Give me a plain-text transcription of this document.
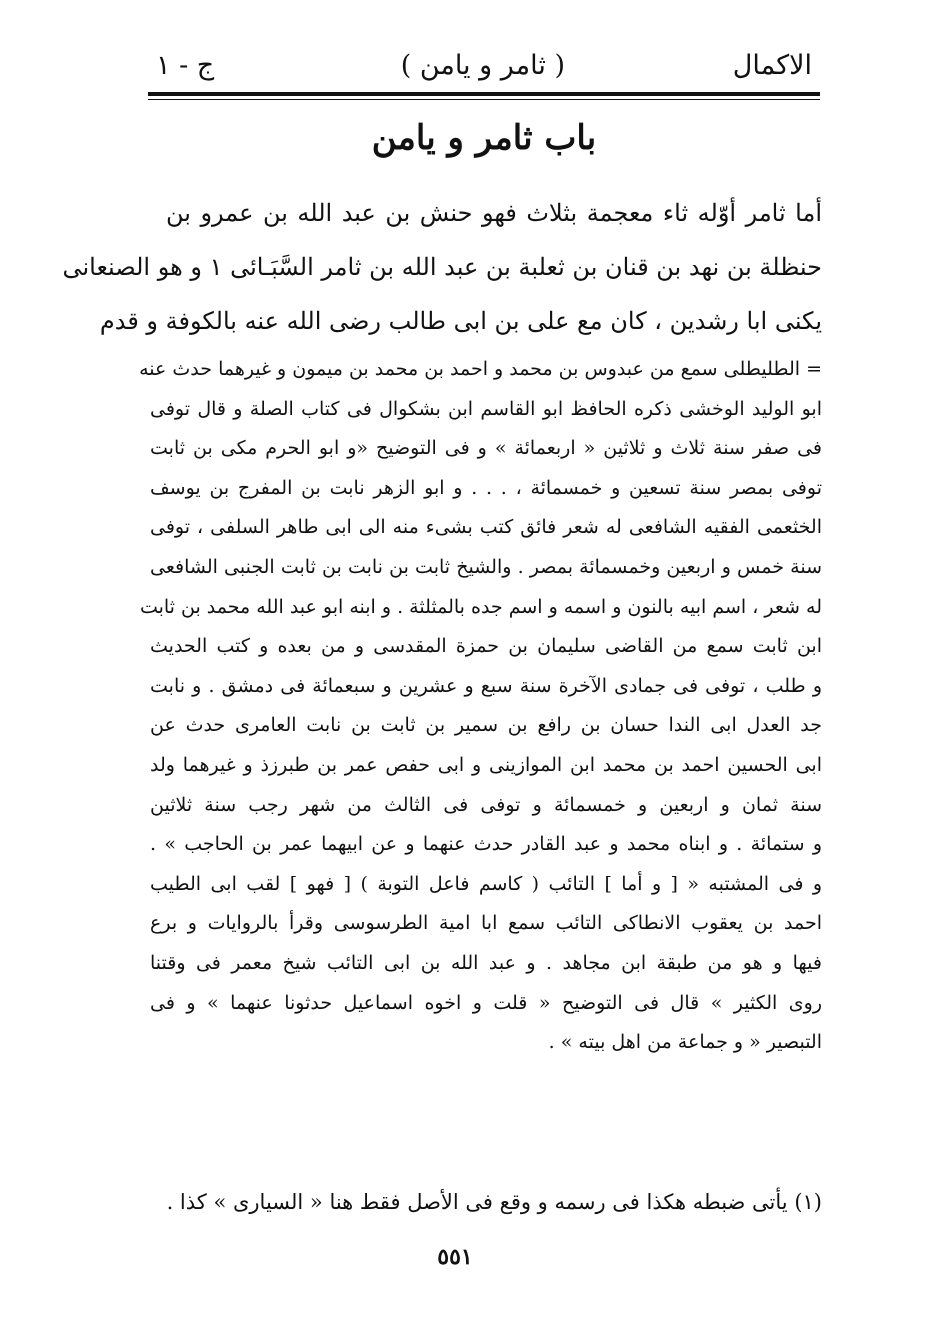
الاكمال
( ثامر و يامن )
ج - ١
باب ثامر و يامن
أما ثامر أوّله ثاء معجمة بثلاث فهو حنش بن عبد الله بن عمرو بن
حنظلة بن نهد بن قنان بن ثعلبة بن عبد الله بن ثامر السَّبَـائى ١ و هو الصنعانى
يكنى ابا رشدين ، كان مع على بن ابى طالب رضى الله عنه بالكوفة و قدم
= الطليطلى سمع من عبدوس بن محمد و احمد بن محمد بن ميمون و غيرهما حدث عنه
ابو الوليد الوخشى ذكره الحافظ ابو القاسم ابن بشكوال فى كتاب الصلة و قال توفى
فى صفر سنة ثلاث و ثلاثين « اربعمائة » و فى التوضيح «و ابو الحرم مكى بن ثابت
توفى بمصر سنة تسعين و خمسمائة ، . . . و ابو الزهر نابت بن المفرج بن يوسف
الخثعمى الفقيه الشافعى له شعر فائق كتب بشىء منه الى ابى طاهر السلفى ، توفى
سنة خمس و اربعين وخمسمائة بمصر . والشيخ ثابت بن نابت بن ثابت الجنبى الشافعى
له شعر ، اسم ابيه بالنون و اسمه و اسم جده بالمثلثة . و ابنه ابو عبد الله محمد بن ثابت
ابن ثابت سمع من القاضى سليمان بن حمزة المقدسى و من بعده و كتب الحديث
و طلب ، توفى فى جمادى الآخرة سنة سبع و عشرين و سبعمائة فى دمشق . و نابت
جد العدل ابى الندا حسان بن رافع بن سمير بن ثابت بن نابت العامرى حدث عن
ابى الحسين احمد بن محمد ابن الموازينى و ابى حفص عمر بن طبرزذ و غيرهما ولد
سنة ثمان و اربعين و خمسمائة و توفى فى الثالث من شهر رجب سنة ثلاثين
و ستمائة . و ابناه محمد و عبد القادر حدث عنهما و عن ابيهما عمر بن الحاجب » .
و فى المشتبه « [ و أما ] التائب ( كاسم فاعل التوبة ) [ فهو ] لقب ابى الطيب
احمد بن يعقوب الانطاكى التائب سمع ابا امية الطرسوسى وقرأ بالروايات و برع
فيها و هو من طبقة ابن مجاهد . و عبد الله بن ابى التائب شيخ معمر فى وقتنا
روى الكثير » قال فى التوضيح « قلت و اخوه اسماعيل حدثونا عنهما » و فى
التبصير « و جماعة من اهل بيته » .
(١) يأتى ضبطه هكذا فى رسمه و وقع فى الأصل فقط هنا « السيارى » كذا .
٥٥١
